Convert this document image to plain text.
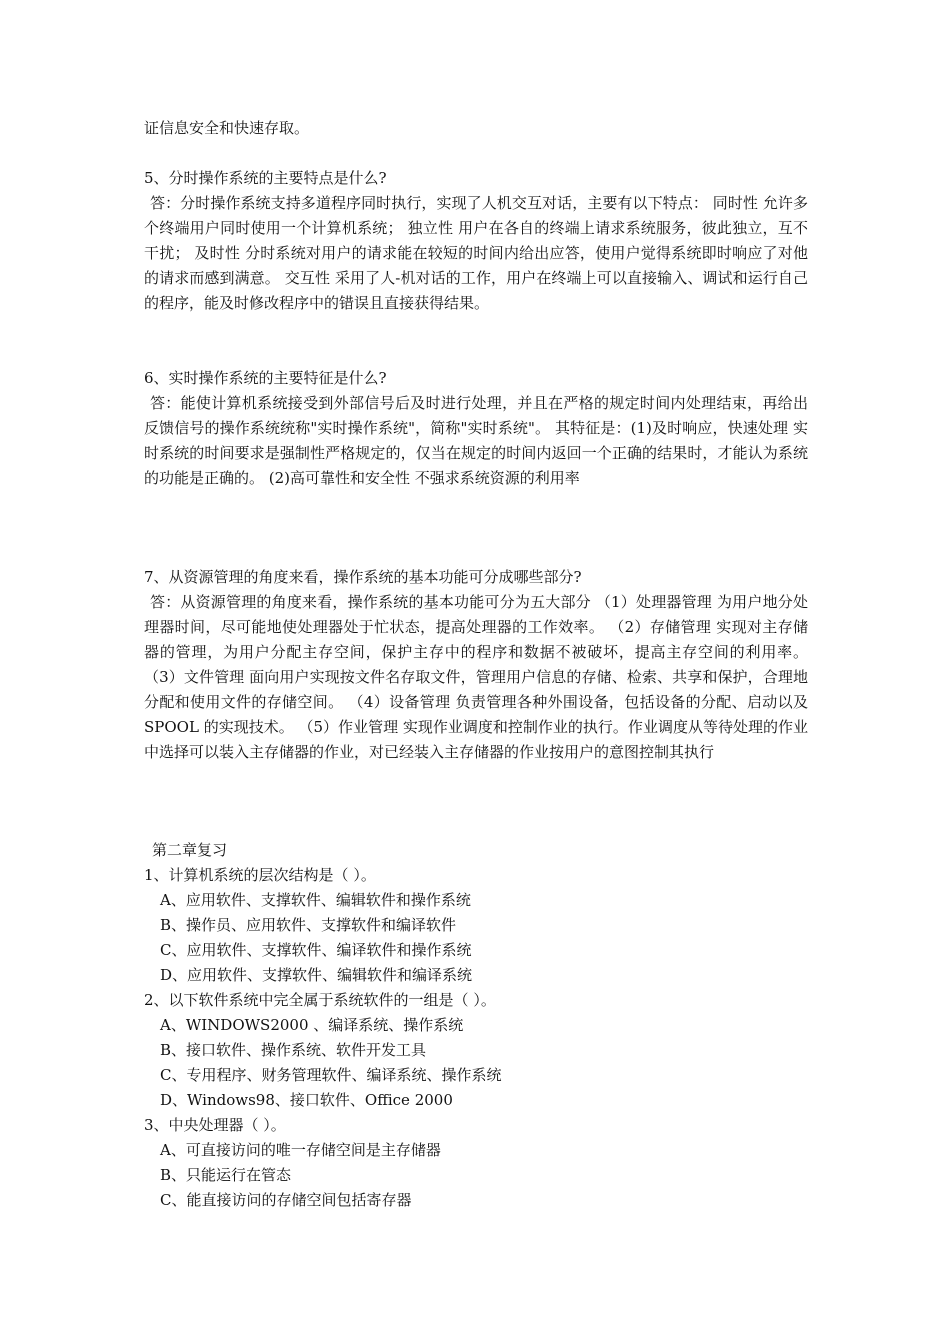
证信息安全和快速存取。

5、分时操作系统的主要特点是什么?

答：分时操作系统支持多道程序同时执行，实现了人机交互对话，主要有以下特点： 同时性 允许多个终端用户同时使用一个计算机系统； 独立性 用户在各自的终端上请求系统服务，彼此独立，互不干扰； 及时性 分时系统对用户的请求能在较短的时间内给出应答，使用户觉得系统即时响应了对他的请求而感到满意。 交互性 采用了人-机对话的工作，用户在终端上可以直接输入、调试和运行自己的程序，能及时修改程序中的错误且直接获得结果。

6、实时操作系统的主要特征是什么?

答：能使计算机系统接受到外部信号后及时进行处理，并且在严格的规定时间内处理结束，再给出反馈信号的操作系统统称"实时操作系统"，简称"实时系统"。 其特征是：(1)及时响应，快速处理 实时系统的时间要求是强制性严格规定的，仅当在规定的时间内返回一个正确的结果时，才能认为系统的功能是正确的。 (2)高可靠性和安全性 不强求系统资源的利用率

7、从资源管理的角度来看，操作系统的基本功能可分成哪些部分?

答：从资源管理的角度来看，操作系统的基本功能可分为五大部分 （1）处理器管理 为用户地分处理器时间，尽可能地使处理器处于忙状态，提高处理器的工作效率。 （2）存储管理 实现对主存储器的管理，为用户分配主存空间，保护主存中的程序和数据不被破坏，提高主存空间的利用率。 （3）文件管理 面向用户实现按文件名存取文件，管理用户信息的存储、检索、共享和保护，合理地分配和使用文件的存储空间。 （4）设备管理 负责管理各种外围设备，包括设备的分配、启动以及 SPOOL 的实现技术。 （5）作业管理 实现作业调度和控制作业的执行。作业调度从等待处理的作业中选择可以装入主存储器的作业，对已经装入主存储器的作业按用户的意图控制其执行

第二章复习

1、计算机系统的层次结构是（ ）。

A、应用软件、支撑软件、编辑软件和操作系统

B、操作员、应用软件、支撑软件和编译软件

C、应用软件、支撑软件、编译软件和操作系统

D、应用软件、支撑软件、编辑软件和编译系统

2、以下软件系统中完全属于系统软件的一组是（ ）。

A、WINDOWS2000 、编译系统、操作系统

B、接口软件、操作系统、软件开发工具

C、专用程序、财务管理软件、编译系统、操作系统

D、Windows98、接口软件、Office 2000

3、中央处理器（ ）。

A、可直接访问的唯一存储空间是主存储器

B、只能运行在管态

C、能直接访问的存储空间包括寄存器
